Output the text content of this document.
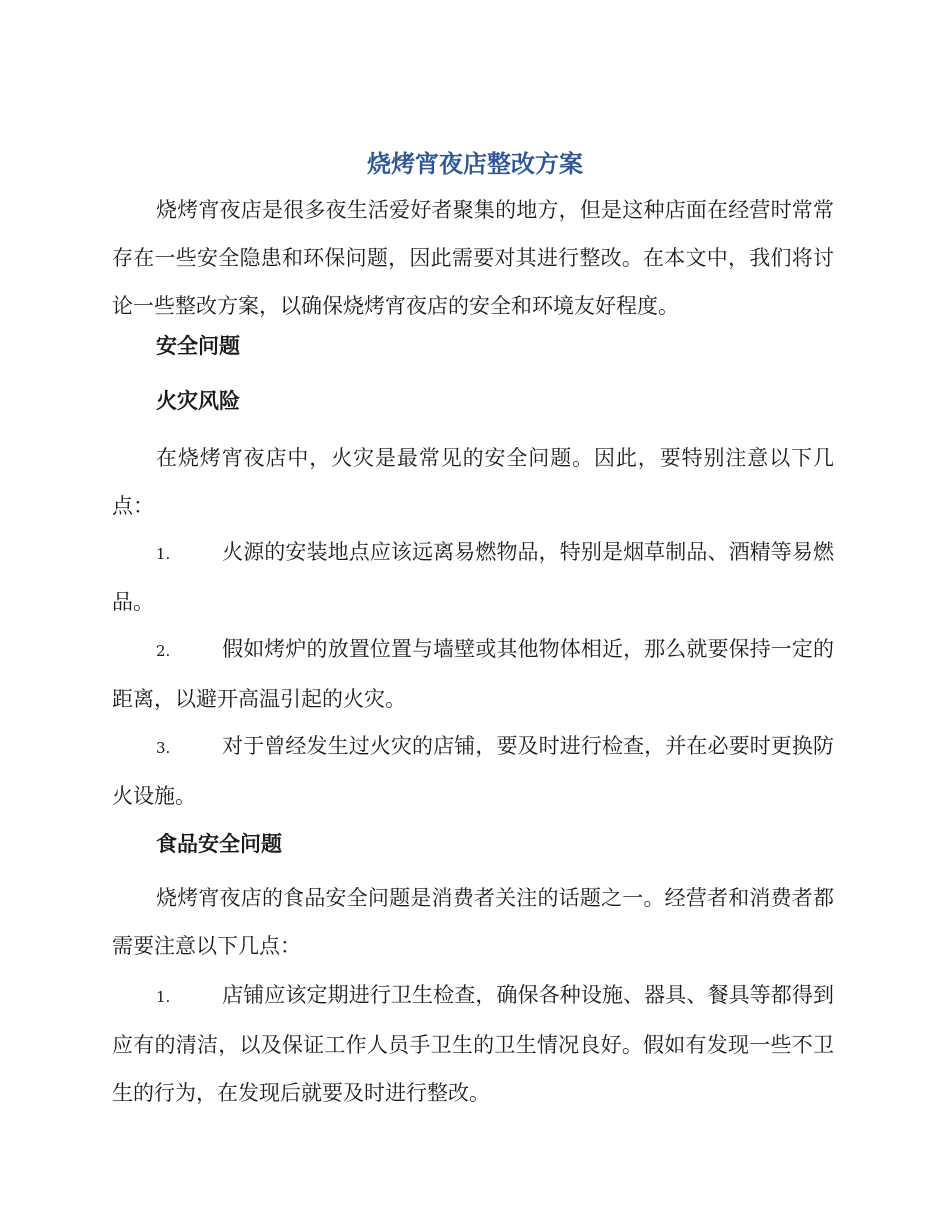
烧烤宵夜店整改方案

烧烤宵夜店是很多夜生活爱好者聚集的地方，但是这种店面在经营时常常存在一些安全隐患和环保问题，因此需要对其进行整改。在本文中，我们将讨论一些整改方案，以确保烧烤宵夜店的安全和环境友好程度。

安全问题

火灾风险

在烧烤宵夜店中，火灾是最常见的安全问题。因此，要特别注意以下几点：

1. 火源的安装地点应该远离易燃物品，特别是烟草制品、酒精等易燃品。

2. 假如烤炉的放置位置与墙壁或其他物体相近，那么就要保持一定的距离，以避开高温引起的火灾。

3. 对于曾经发生过火灾的店铺，要及时进行检查，并在必要时更换防火设施。

食品安全问题

烧烤宵夜店的食品安全问题是消费者关注的话题之一。经营者和消费者都需要注意以下几点：

1. 店铺应该定期进行卫生检查，确保各种设施、器具、餐具等都得到应有的清洁，以及保证工作人员手卫生的卫生情况良好。假如有发现一些不卫生的行为，在发现后就要及时进行整改。
